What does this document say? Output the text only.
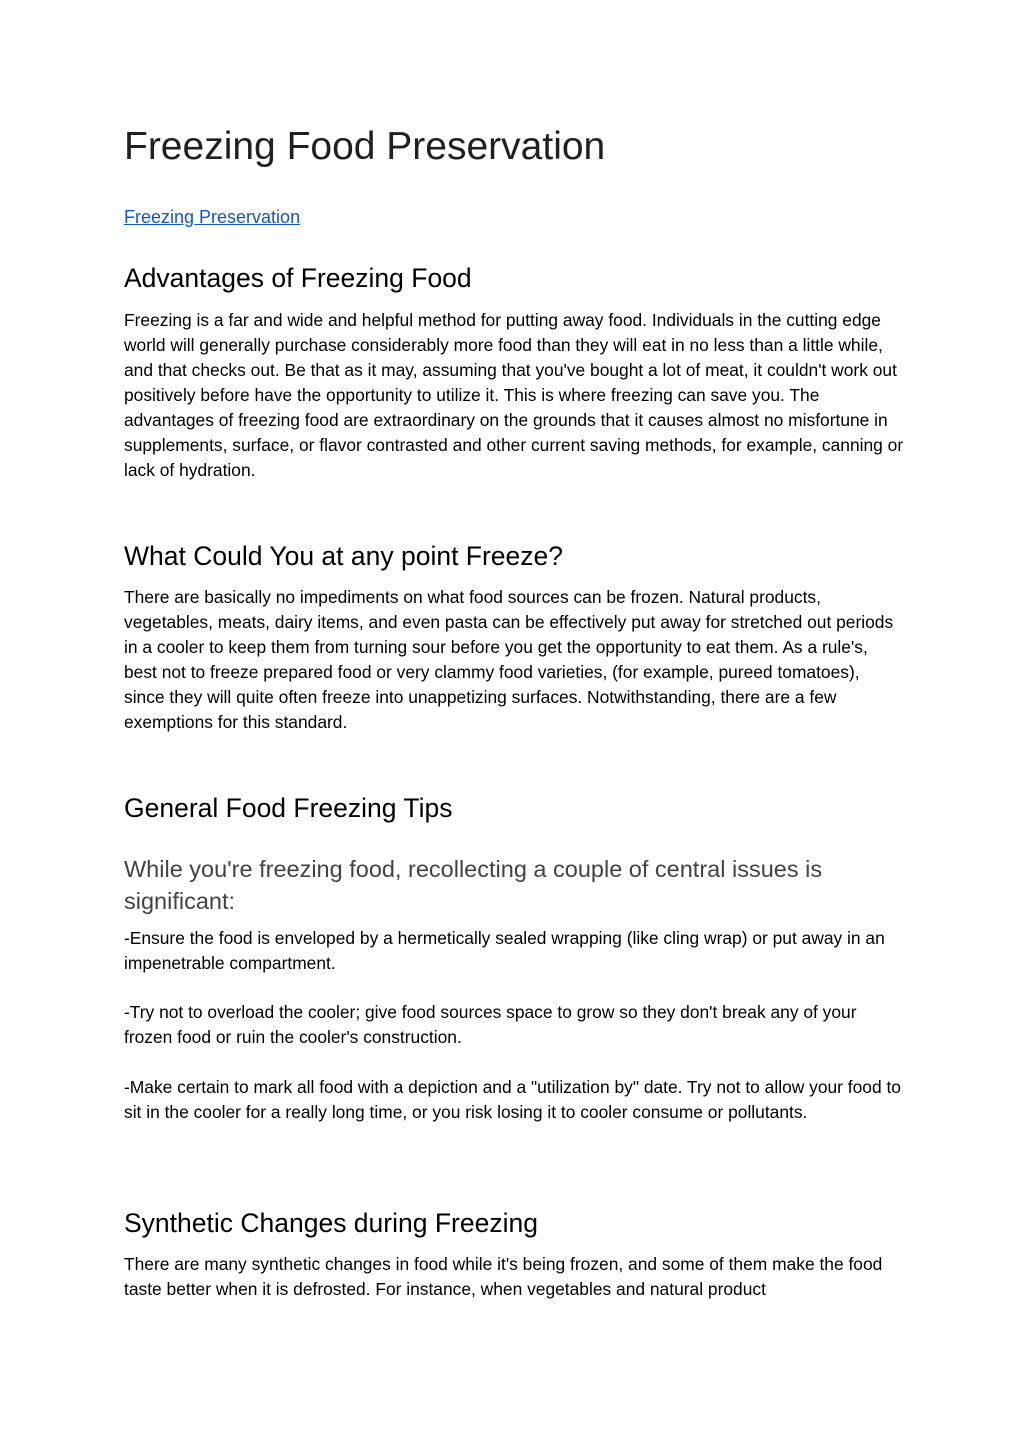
Freezing Food Preservation
Freezing Preservation
Advantages of Freezing Food

Freezing is a far and wide and helpful method for putting away food. Individuals in the cutting edge world will generally purchase considerably more food than they will eat in no less than a little while, and that checks out. Be that as it may, assuming that you've bought a lot of meat, it couldn't work out positively before have the opportunity to utilize it. This is where freezing can save you. The advantages of freezing food are extraordinary on the grounds that it causes almost no misfortune in supplements, surface, or flavor contrasted and other current saving methods, for example, canning or lack of hydration.

What Could You at any point Freeze?

There are basically no impediments on what food sources can be frozen. Natural products, vegetables, meats, dairy items, and even pasta can be effectively put away for stretched out periods in a cooler to keep them from turning sour before you get the opportunity to eat them. As a rule's, best not to freeze prepared food or very clammy food varieties, (for example, pureed tomatoes), since they will quite often freeze into unappetizing surfaces. Notwithstanding, there are a few exemptions for this standard.

General Food Freezing Tips
While you're freezing food, recollecting a couple of central issues is significant:

-Ensure the food is enveloped by a hermetically sealed wrapping (like cling wrap) or put away in an impenetrable compartment.

-Try not to overload the cooler; give food sources space to grow so they don't break any of your frozen food or ruin the cooler's construction.

-Make certain to mark all food with a depiction and a "utilization by" date. Try not to allow your food to sit in the cooler for a really long time, or you risk losing it to cooler consume or pollutants.

Synthetic Changes during Freezing

There are many synthetic changes in food while it's being frozen, and some of them make the food taste better when it is defrosted. For instance, when vegetables and natural product
